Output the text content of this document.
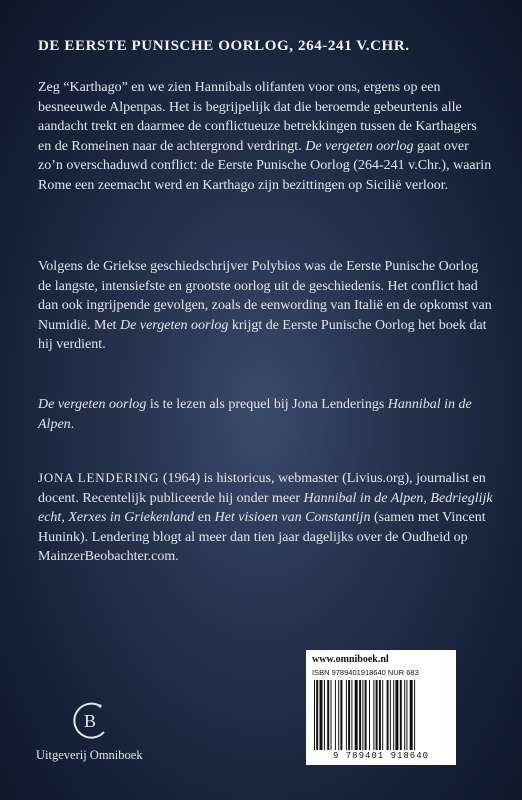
DE EERSTE PUNISCHE OORLOG, 264-241 V.CHR.
Zeg “Karthago” en we zien Hannibals olifanten voor ons, ergens op een besneeuwde Alpenpas. Het is begrijpelijk dat die beroemde gebeurtenis alle aandacht trekt en daarmee de conflictueuze betrekkingen tussen de Karthagers en de Romeinen naar de achtergrond verdringt. De vergeten oorlog gaat over zo’n overschaduwd conflict: de Eerste Punische Oorlog (264-241 v.Chr.), waarin Rome een zeemacht werd en Karthago zijn bezittingen op Sicilië verloor.
Volgens de Griekse geschiedschrijver Polybios was de Eerste Punische Oorlog de langste, intensiefste en grootste oorlog uit de geschiedenis. Het conflict had dan ook ingrijpende gevolgen, zoals de eenwording van Italië en de opkomst van Numidië. Met De vergeten oorlog krijgt de Eerste Punische Oorlog het boek dat hij verdient.
De vergeten oorlog is te lezen als prequel bij Jona Lenderings Hannibal in de Alpen.
JONA LENDERING (1964) is historicus, webmaster (Livius.org), journalist en docent. Recentelijk publiceerde hij onder meer Hannibal in de Alpen, Bedrieglijk echt, Xerxes in Griekenland en Het visioen van Constantijn (samen met Vincent Hunink). Lendering blogt al meer dan tien jaar dagelijks over de Oudheid op MainzerBeobachter.com.
www.omniboek.nl
ISBN 9789401918640 NUR 683
9 789401 918640
B
Uitgeverij Omniboek
